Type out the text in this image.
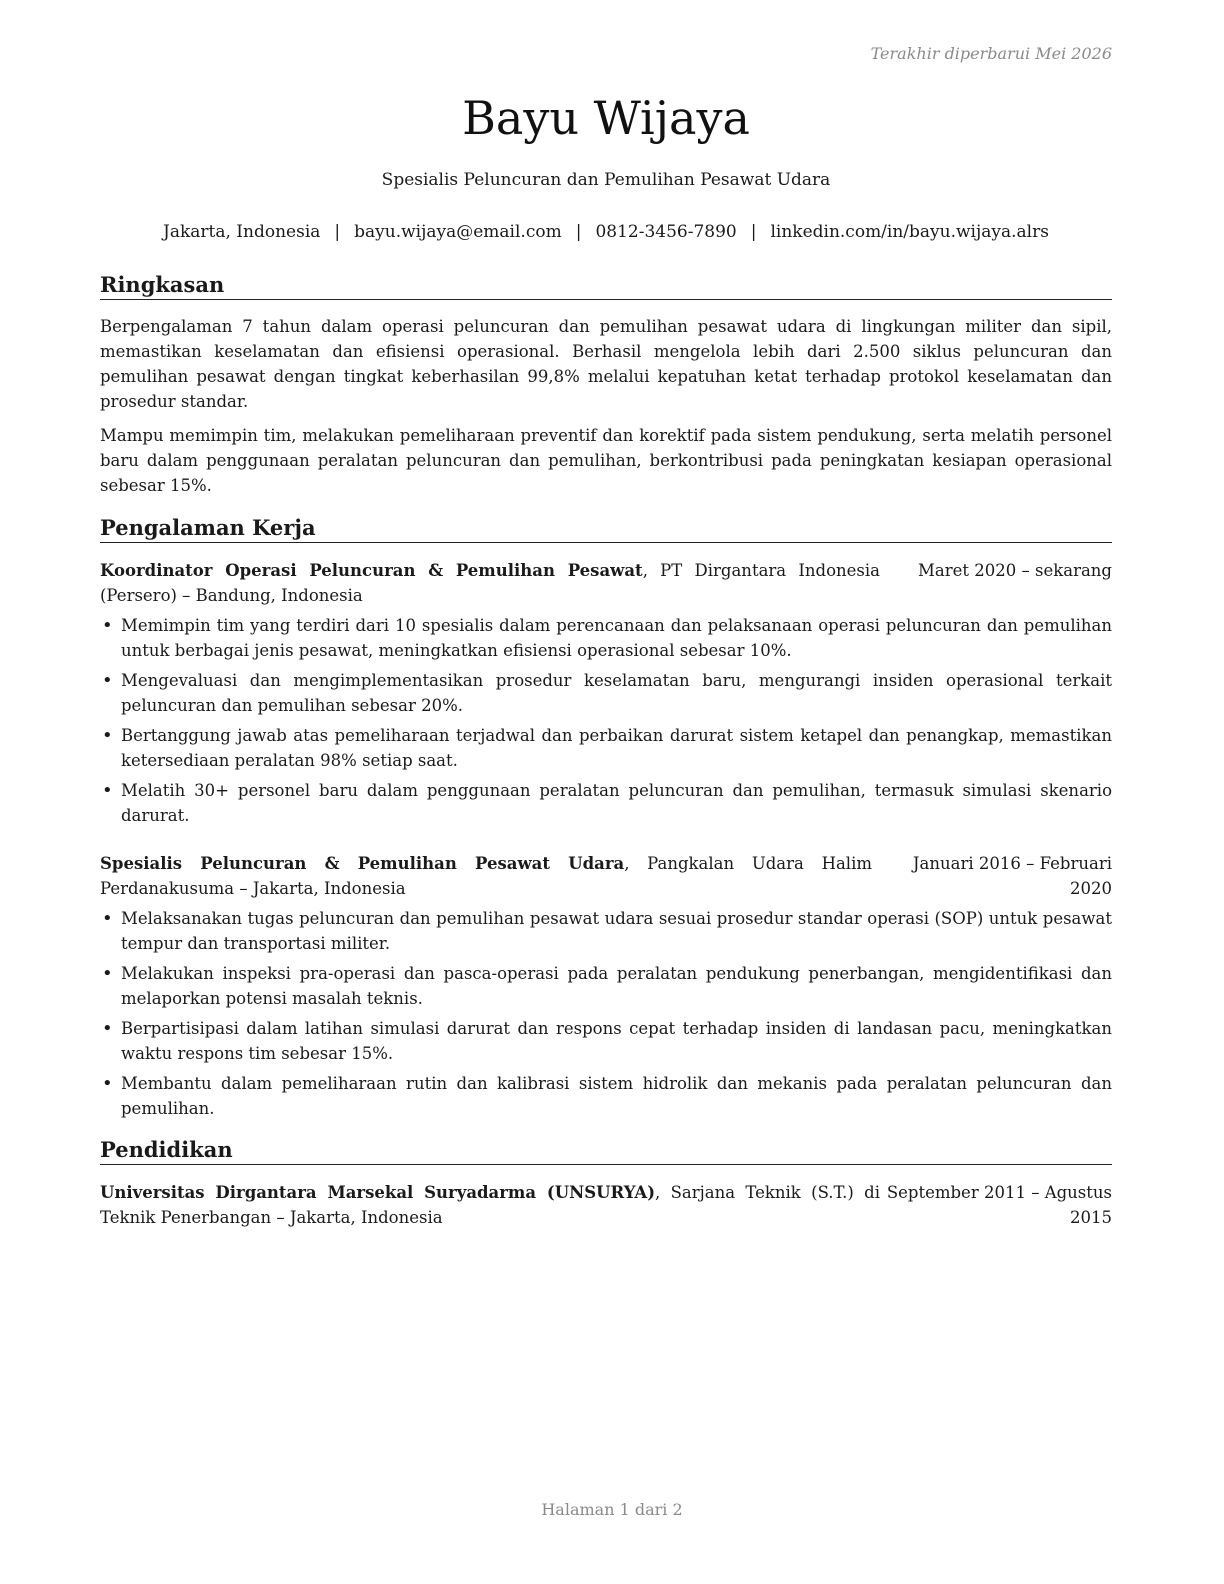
Terakhir diperbarui Mei 2026
Bayu Wijaya
Spesialis Peluncuran dan Pemulihan Pesawat Udara
Jakarta, Indonesia | bayu.wijaya@email.com | 0812-3456-7890 | linkedin.com/in/bayu.wijaya.alrs
Ringkasan

Berpengalaman 7 tahun dalam operasi peluncuran dan pemulihan pesawat udara di lingkungan militer dan sipil, memastikan keselamatan dan efisiensi operasional. Berhasil mengelola lebih dari 2.500 siklus peluncuran dan pemulihan pesawat dengan tingkat keberhasilan 99,8% melalui kepatuhan ketat terhadap protokol keselamatan dan prosedur standar.

Mampu memimpin tim, melakukan pemeliharaan preventif dan korektif pada sistem pendukung, serta melatih personel baru dalam penggunaan peralatan peluncuran dan pemulihan, berkontribusi pada peningkatan kesiapan operasional sebesar 15%.

Pengalaman Kerja
Koordinator Operasi Peluncuran & Pemulihan Pesawat, PT Dirgantara Indonesia (Persero) – Bandung, Indonesia
Maret 2020 – sekarang
• Memimpin tim yang terdiri dari 10 spesialis dalam perencanaan dan pelaksanaan operasi peluncuran dan pemulihan untuk berbagai jenis pesawat, meningkatkan efisiensi operasional sebesar 10%.
• Mengevaluasi dan mengimplementasikan prosedur keselamatan baru, mengurangi insiden operasional terkait peluncuran dan pemulihan sebesar 20%.
• Bertanggung jawab atas pemeliharaan terjadwal dan perbaikan darurat sistem ketapel dan penangkap, memastikan ketersediaan peralatan 98% setiap saat.
• Melatih 30+ personel baru dalam penggunaan peralatan peluncuran dan pemulihan, termasuk simulasi skenario darurat.
Spesialis Peluncuran & Pemulihan Pesawat Udara, Pangkalan Udara Halim Perdanakusuma – Jakarta, Indonesia
Januari 2016 – Februari 2020
• Melaksanakan tugas peluncuran dan pemulihan pesawat udara sesuai prosedur standar operasi (SOP) untuk pesawat tempur dan transportasi militer.
• Melakukan inspeksi pra-operasi dan pasca-operasi pada peralatan pendukung penerbangan, mengidentifikasi dan melaporkan potensi masalah teknis.
• Berpartisipasi dalam latihan simulasi darurat dan respons cepat terhadap insiden di landasan pacu, meningkatkan waktu respons tim sebesar 15%.
• Membantu dalam pemeliharaan rutin dan kalibrasi sistem hidrolik dan mekanis pada peralatan peluncuran dan pemulihan.
Pendidikan
Universitas Dirgantara Marsekal Suryadarma (UNSURYA), Sarjana Teknik (S.T.) di Teknik Penerbangan – Jakarta, Indonesia
September 2011 – Agustus 2015
Halaman 1 dari 2
